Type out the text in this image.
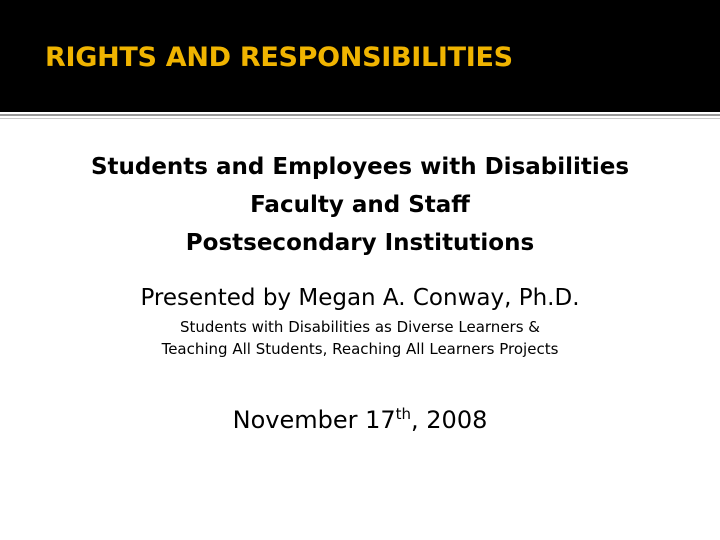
RIGHTS AND RESPONSIBILITIES
Students and Employees with Disabilities
Faculty and Staff
Postsecondary Institutions
Presented by Megan A. Conway, Ph.D.
Students with Disabilities as Diverse Learners &
Teaching All Students, Reaching All Learners Projects
November 17th, 2008
